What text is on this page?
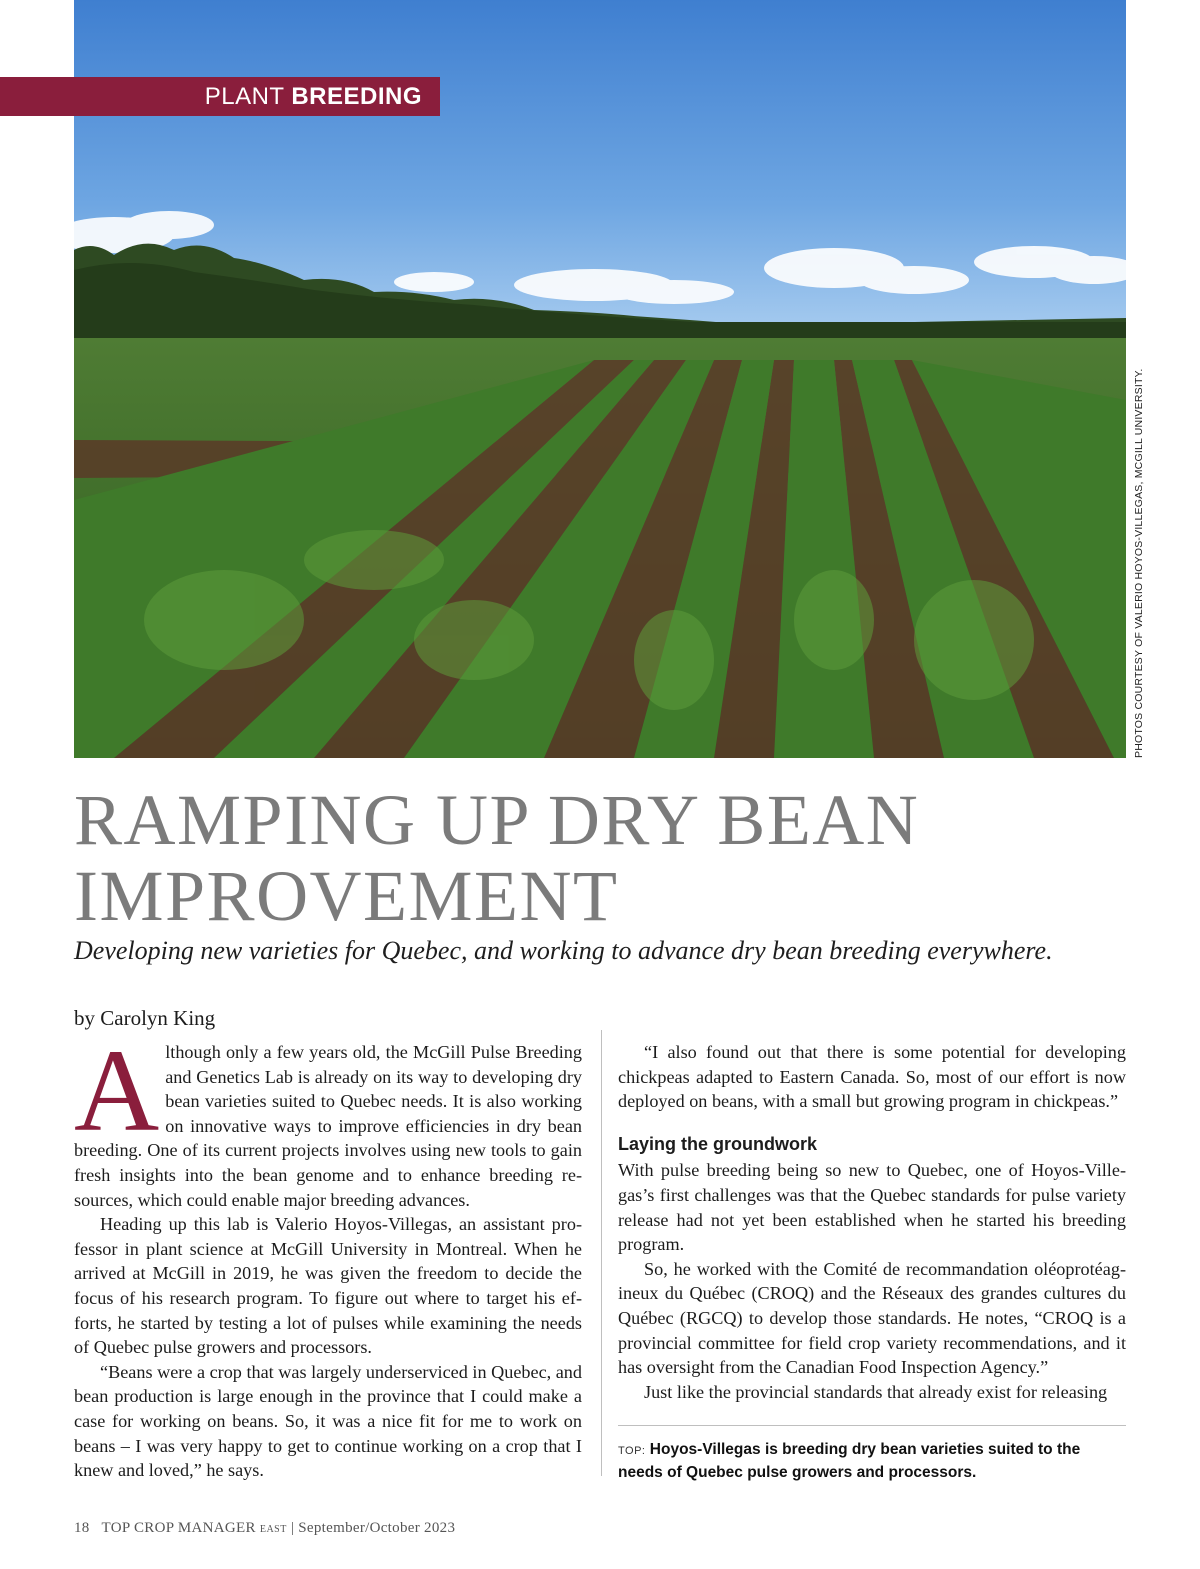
PLANT BREEDING
PHOTOS COURTESY OF VALERIO HOYOS-VILLEGAS, MCGILL UNIVERSITY.
RAMPING UP DRY BEAN
IMPROVEMENT

Developing new varieties for Quebec, and working to advance dry bean breeding everywhere.

by Carolyn King

Although only a few years old, the McGill Pulse Breeding and Genetics Lab is already on its way to developing dry bean varieties suited to Quebec needs. It is also working on innovative ways to improve efficiencies in dry bean breeding. One of its current projects involves using new tools to gain fresh insights into the bean genome and to enhance breeding resources, which could enable major breeding advances.

Heading up this lab is Valerio Hoyos-Villegas, an assistant professor in plant science at McGill University in Montreal. When he arrived at McGill in 2019, he was given the freedom to decide the focus of his research program. To figure out where to target his efforts, he started by testing a lot of pulses while examining the needs of Quebec pulse growers and processors.

“Beans were a crop that was largely underserviced in Quebec, and bean production is large enough in the province that I could make a case for working on beans. So, it was a nice fit for me to work on beans – I was very happy to get to continue working on a crop that I knew and loved,” he says.

“I also found out that there is some potential for developing chickpeas adapted to Eastern Canada. So, most of our effort is now deployed on beans, with a small but growing program in chickpeas.”

Laying the groundwork

With pulse breeding being so new to Quebec, one of Hoyos-Villegas’s first challenges was that the Quebec standards for pulse variety release had not yet been established when he started his breeding program.

So, he worked with the Comité de recommandation oléoprotéagineux du Québec (CROQ) and the Réseaux des grandes cultures du Québec (RGCQ) to develop those standards. He notes, “CROQ is a provincial committee for field crop variety recommendations, and it has oversight from the Canadian Food Inspection Agency.”

Just like the provincial standards that already exist for releasing

TOP: Hoyos-Villegas is breeding dry bean varieties suited to the needs of Quebec pulse growers and processors.
18 TOP CROP MANAGER EAST | September/October 2023
